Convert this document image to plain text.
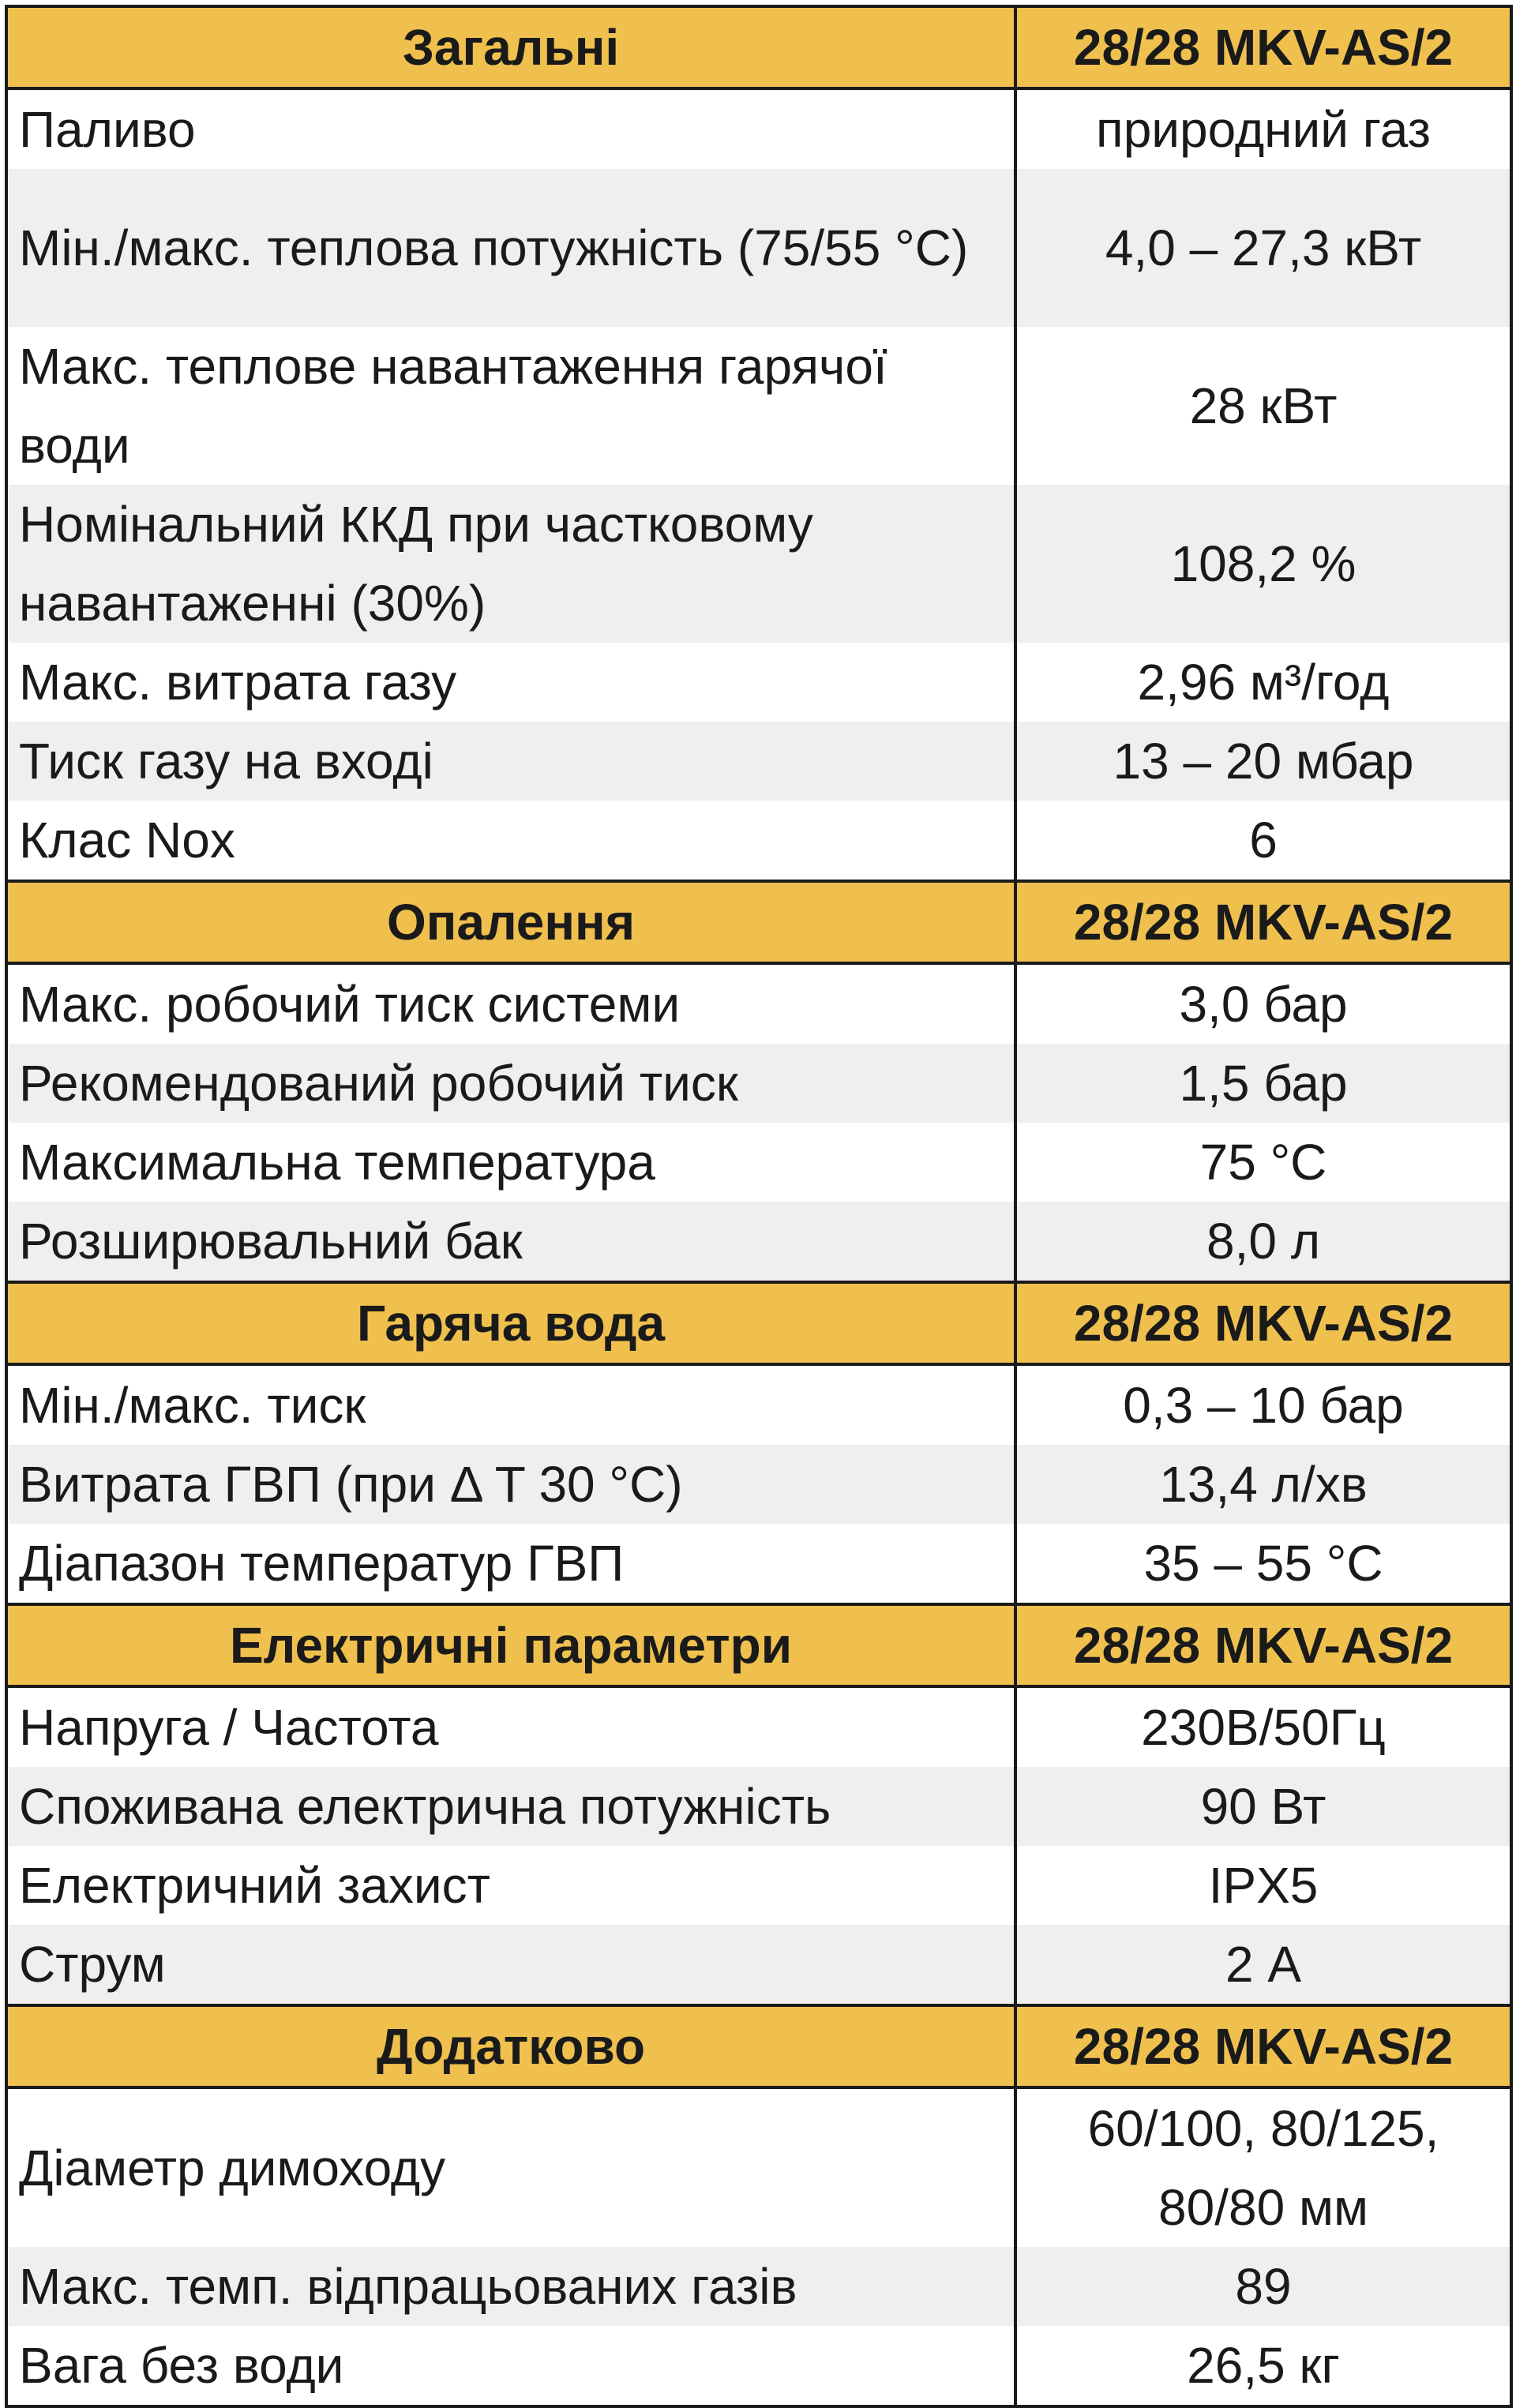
Загальні	28/28 MKV-AS/2
Паливо	природний газ
Мін./макс. теплова потужність (75/55 °C)	4,0 – 27,3 кВт
Макс. теплове навантаження гарячої води	28 кВт
Номінальний ККД при частковому навантаженні (30%)	108,2 %
Макс. витрата газу	2,96 м³/год
Тиск газу на вході	13 – 20 мбар
Клас Nox	6
Опалення	28/28 MKV-AS/2
Макс. робочий тиск системи	3,0 бар
Рекомендований робочий тиск	1,5 бар
Максимальна температура	75 °C
Розширювальний бак	8,0 л
Гаряча вода	28/28 MKV-AS/2
Мін./макс. тиск	0,3 – 10 бар
Витрата ГВП (при Δ T 30 °C)	13,4 л/хв
Діапазон температур ГВП	35 – 55 °C
Електричні параметри	28/28 MKV-AS/2
Напруга / Частота	230В/50Гц
Споживана електрична потужність	90 Вт
Електричний захист	IPX5
Струм	2 А
Додатково	28/28 MKV-AS/2
Діаметр димоходу	60/100, 80/125, 80/80 мм
Макс. темп. відпрацьованих газів	89
Вага без води	26,5 кг
